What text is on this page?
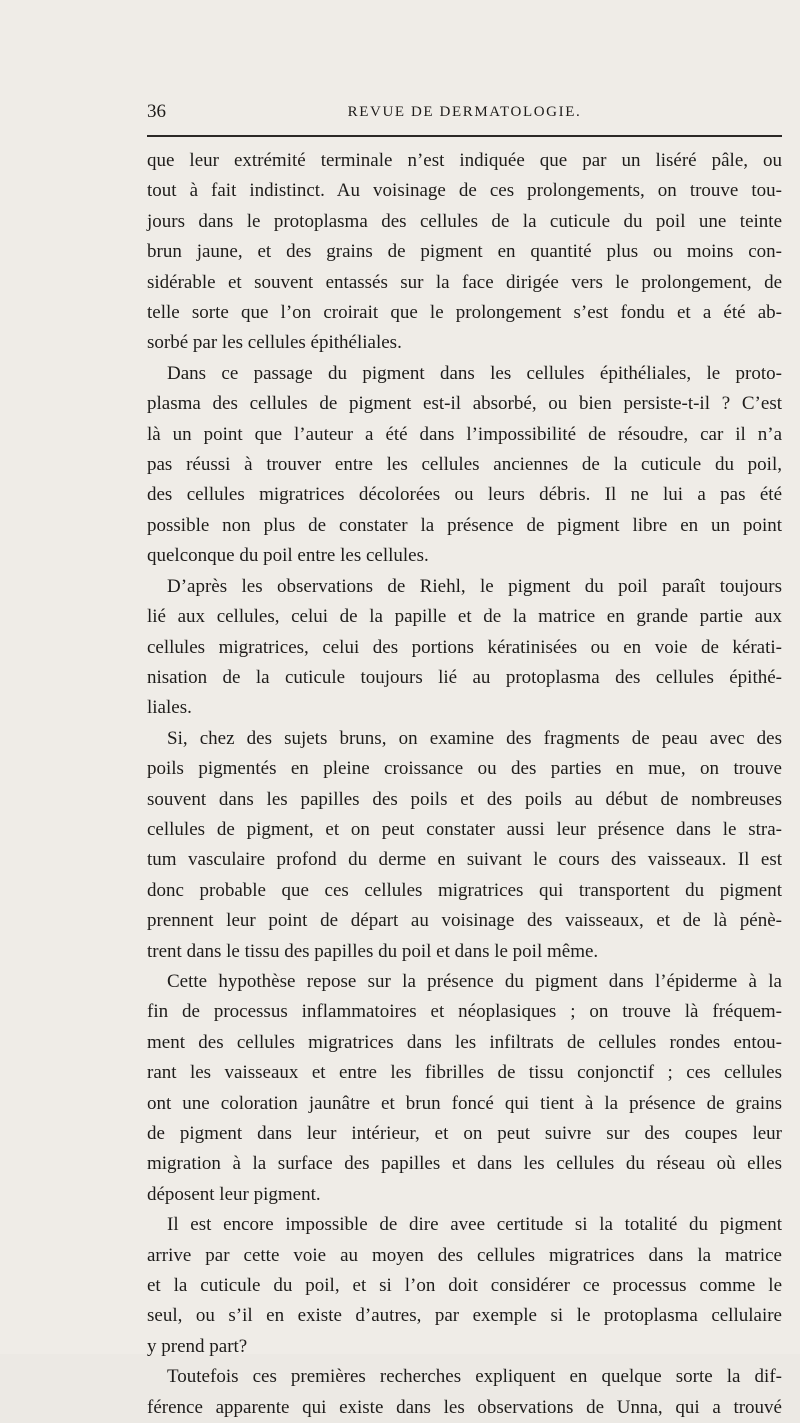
36	REVUE DE DERMATOLOGIE.
que leur extrémité terminale n’est indiquée que par un liséré pâle, ou
tout à fait indistinct. Au voisinage de ces prolongements, on trouve tou-
jours dans le protoplasma des cellules de la cuticule du poil une teinte
brun jaune, et des grains de pigment en quantité plus ou moins con-
sidérable et souvent entassés sur la face dirigée vers le prolongement, de
telle sorte que l’on croirait que le prolongement s’est fondu et a été ab-
sorbé par les cellules épithéliales.
Dans ce passage du pigment dans les cellules épithéliales, le proto-
plasma des cellules de pigment est-il absorbé, ou bien persiste-t-il ? C’est
là un point que l’auteur a été dans l’impossibilité de résoudre, car il n’a
pas réussi à trouver entre les cellules anciennes de la cuticule du poil,
des cellules migratrices décolorées ou leurs débris. Il ne lui a pas été
possible non plus de constater la présence de pigment libre en un point
quelconque du poil entre les cellules.
D’après les observations de Riehl, le pigment du poil paraît toujours
lié aux cellules, celui de la papille et de la matrice en grande partie aux
cellules migratrices, celui des portions kératinisées ou en voie de kérati-
nisation de la cuticule toujours lié au protoplasma des cellules épithé-
liales.
Si, chez des sujets bruns, on examine des fragments de peau avec des
poils pigmentés en pleine croissance ou des parties en mue, on trouve
souvent dans les papilles des poils et des poils au début de nombreuses
cellules de pigment, et on peut constater aussi leur présence dans le stra-
tum vasculaire profond du derme en suivant le cours des vaisseaux. Il est
donc probable que ces cellules migratrices qui transportent du pigment
prennent leur point de départ au voisinage des vaisseaux, et de là pénè-
trent dans le tissu des papilles du poil et dans le poil même.
Cette hypothèse repose sur la présence du pigment dans l’épiderme à la
fin de processus inflammatoires et néoplasiques ; on trouve là fréquem-
ment des cellules migratrices dans les infiltrats de cellules rondes entou-
rant les vaisseaux et entre les fibrilles de tissu conjonctif ; ces cellules
ont une coloration jaunâtre et brun foncé qui tient à la présence de grains
de pigment dans leur intérieur, et on peut suivre sur des coupes leur
migration à la surface des papilles et dans les cellules du réseau où elles
déposent leur pigment.
Il est encore impossible de dire avee certitude si la totalité du pigment
arrive par cette voie au moyen des cellules migratrices dans la matrice
et la cuticule du poil, et si l’on doit considérer ce processus comme le
seul, ou s’il en existe d’autres, par exemple si le protoplasma cellulaire
y prend part?
Toutefois ces premières recherches expliquent en quelque sorte la dif-
férence apparente qui existe dans les observations de Unna, qui a trouvé
